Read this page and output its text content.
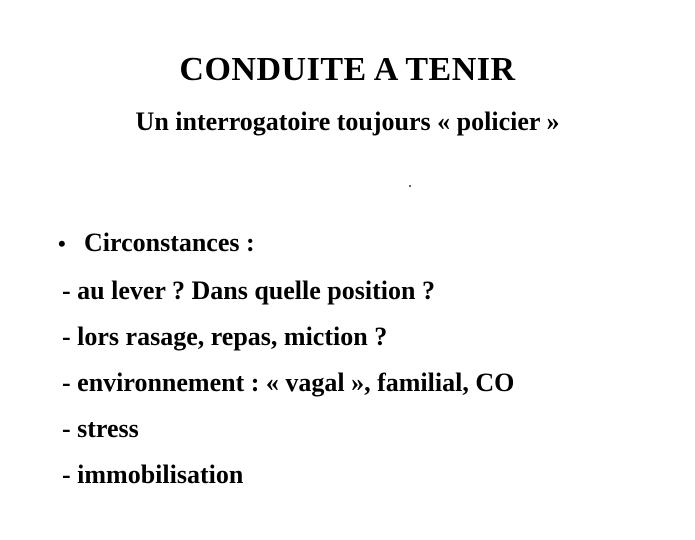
CONDUITE A TENIR
Un interrogatoire toujours « policier »
• Circonstances :
- au lever ? Dans quelle position ?
- lors rasage, repas, miction ?
- environnement : « vagal », familial, CO
- stress
- immobilisation
